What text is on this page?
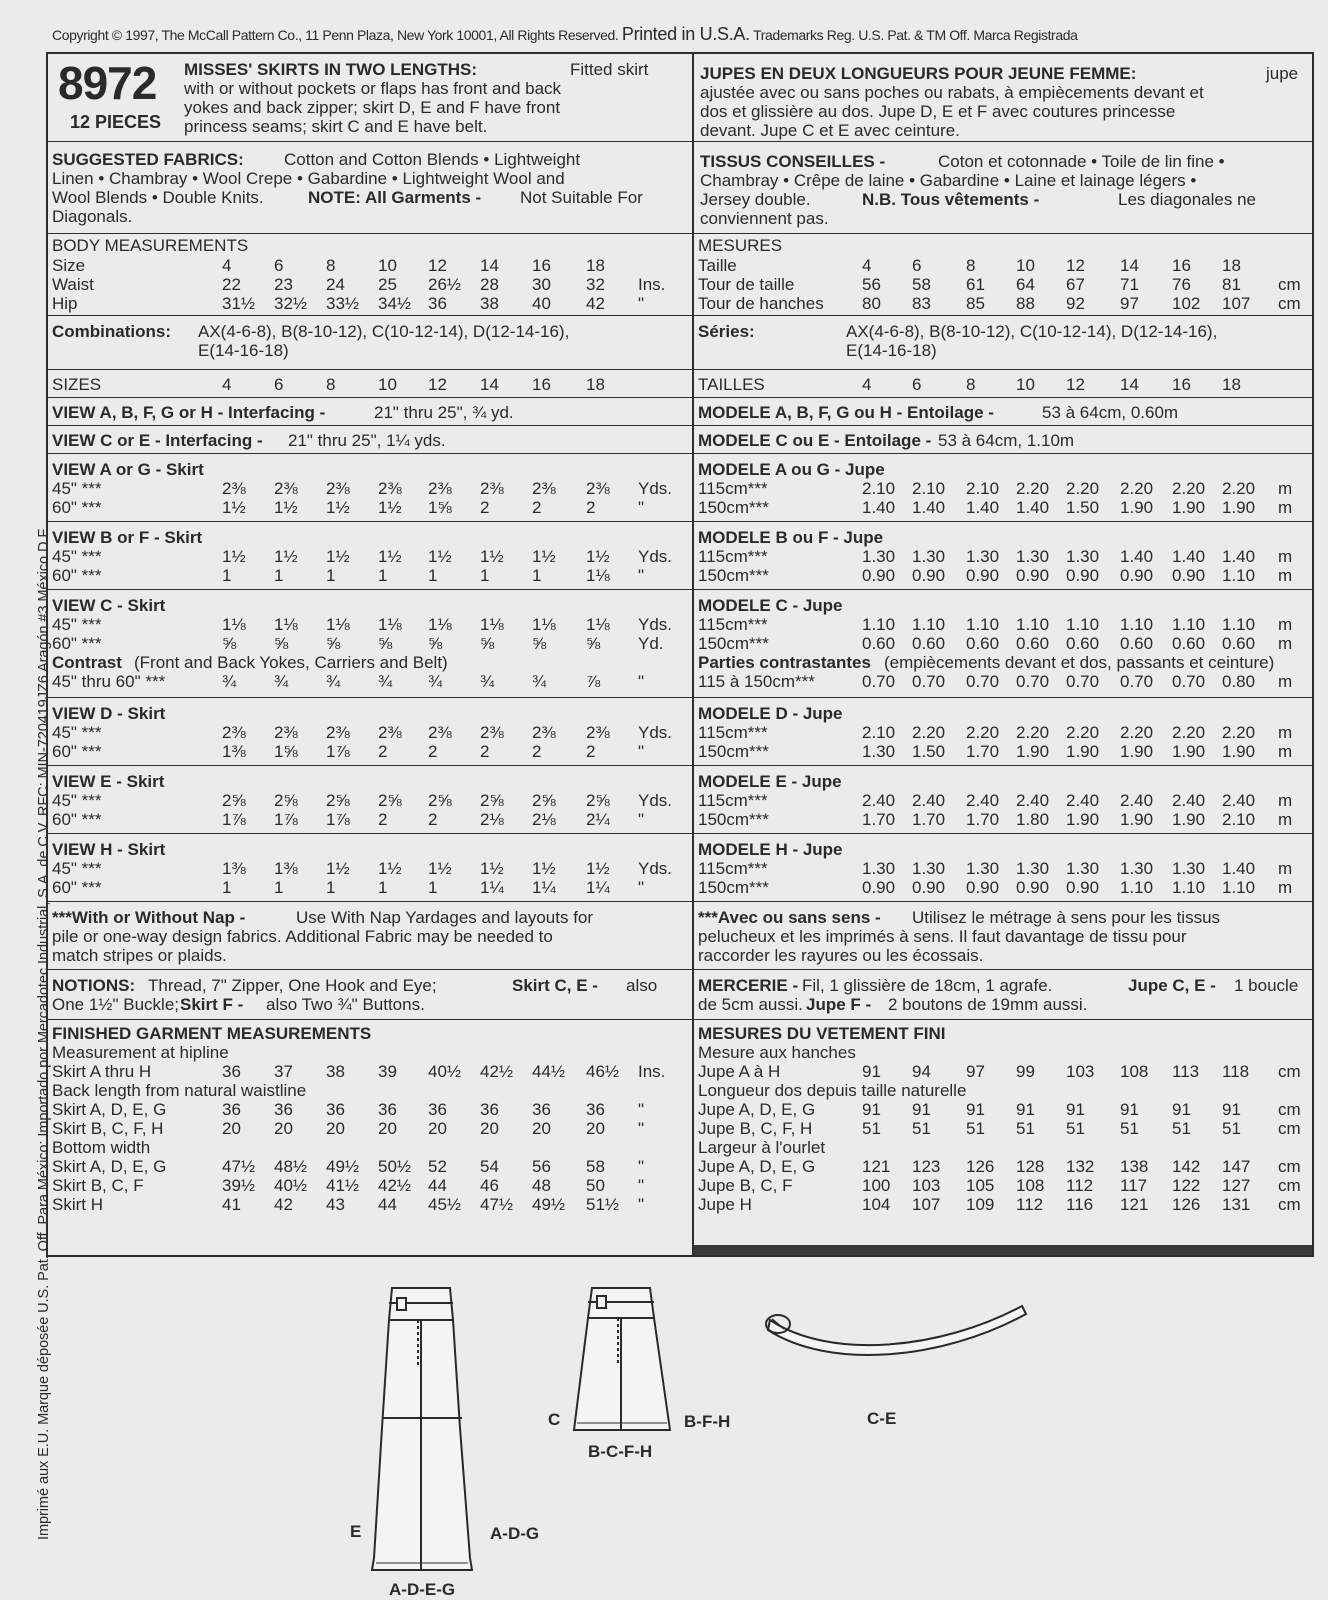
Copyright © 1997, The McCall Pattern Co., 11 Penn Plaza, New York 10001, All Rights Reserved. Printed in U.S.A. Trademarks Reg. U.S. Pat. & TM Off. Marca Registrada
Imprimé aux E.U. Marque déposée U.S. Pat. Off. Para México: Importado por Mercadotec Industrial, S.A. de C.V. RFC: MIN-720419JZ6 Aragón #3 México D.F.
8972
12 PIECES
MISSES' SKIRTS IN TWO LENGTHS:	Fitted skirt
with or without pockets or flaps has front and back
yokes and back zipper; skirt D, E and F have front
princess seams; skirt C and E have belt.
SUGGESTED FABRICS: Cotton and Cotton Blends • Lightweight
Linen • Chambray • Wool Crepe • Gabardine • Lightweight Wool and
Wool Blends • Double Knits.	NOTE: All Garments - Not Suitable For
Diagonals.
BODY MEASUREMENTS
Size	4	6	8	10 12 14 16 18
Waist	22 23 24 25 26½ 28 30 32 Ins.
Hip	31½ 32½ 33½ 34½ 36 38 40 42 "
Combinations: AX(4-6-8), B(8-10-12), C(10-12-14), D(12-14-16),
E(14-16-18)
SIZES	4	6	8	10 12 14 16 18
VIEW A, B, F, G or H - Interfacing -	21" thru 25", ¾ yd.
VIEW C or E - Interfacing - 21" thru 25", 1¼ yds.
VIEW A or G - Skirt
45" ***	2⅜ 2⅜ 2⅜ 2⅜ 2⅜ 2⅜ 2⅜ 2⅜ Yds.
60" ***	1½ 1½ 1½ 1½ 1⅝ 2	2	2	"
VIEW B or F - Skirt
45" ***	1½ 1½ 1½ 1½ 1½ 1½ 1½ 1½ Yds.
60" ***	1	1	1	1 1	1	1	1⅛ "
VIEW C - Skirt
45" ***	1⅛ 1⅛ 1⅛ 1⅛ 1⅛ 1⅛ 1⅛ 1⅛ Yds.
60" ***	⅝ ⅝ ⅝ ⅝ ⅝ ⅝ ⅝ ⅝ Yd.
Contrast (Front and Back Yokes, Carriers and Belt)
45" thru 60" ***	¾ ¾ ¾ ¾ ¾ ¾ ¾ ⅞ "
VIEW D - Skirt
45" ***	2⅜ 2⅜ 2⅜ 2⅜ 2⅜ 2⅜ 2⅜ 2⅜ Yds.
60" ***	1⅜ 1⅝ 1⅞ 2 2	2	2	2	"
VIEW E - Skirt
45" ***	2⅝ 2⅝ 2⅝ 2⅝ 2⅝ 2⅝ 2⅝ 2⅝ Yds.
60" ***	1⅞ 1⅞ 1⅞ 2 2	2⅛ 2⅛ 2¼ "
VIEW H - Skirt
45" ***	1⅜ 1⅜ 1½ 1½ 1½ 1½ 1½ 1½ Yds.
60" ***	1	1	1	1 1	1¼ 1¼ 1¼ "
***With or Without Nap -	Use With Nap Yardages and layouts for
pile or one-way design fabrics. Additional Fabric may be needed to
match stripes or plaids.
NOTIONS: Thread, 7" Zipper, One Hook and Eye;	Skirt C, E - also
One 1½" Buckle; Skirt F - also Two ¾" Buttons.
FINISHED GARMENT MEASUREMENTS
Measurement at hipline
Skirt A thru H	36 37 38 39 40½ 42½ 44½ 46½ Ins.
Back length from natural waistline
Skirt A, D, E, G	36 36 36 36 36 36 36 36 "
Skirt B, C, F, H	20 20 20 20 20 20 20 20 "
Bottom width
Skirt A, D, E, G	47½ 48½ 49½ 50½ 52 54 56 58 "
Skirt B, C, F	39½ 40½ 41½ 42½ 44 46 48 50 "
Skirt H	41 42 43 44 45½ 47½ 49½ 51½ "
JUPES EN DEUX LONGUEURS POUR JEUNE FEMME:	jupe
ajustée avec ou sans poches ou rabats, à empiècements devant et
dos et glissière au dos. Jupe D, E et F avec coutures princesse
devant. Jupe C et E avec ceinture.
TISSUS CONSEILLES -	Coton et cotonnade • Toile de lin fine •
Chambray • Crêpe de laine • Gabardine • Laine et lainage légers •
Jersey double.	N.B. Tous vêtements -	Les diagonales ne
conviennent pas.
MESURES
Taille	4 6	8 10 12 14 16 18
Tour de taille	56 58 61 64 67 71 76 81 cm
Tour de hanches 80 83 85 88 92 97 102 107 cm
Séries:	AX(4-6-8), B(8-10-12), C(10-12-14), D(12-14-16),
E(14-16-18)
TAILLES	4 6	8 10 12 14 16 18
MODELE A, B, F, G ou H - Entoilage -	53 à 64cm, 0.60m
MODELE C ou E - Entoilage - 53 à 64cm, 1.10m
MODELE A ou G - Jupe
115cm***	2.10 2.10 2.10 2.20 2.20 2.20 2.20 2.20 m
150cm***	1.40 1.40 1.40 1.40 1.50 1.90 1.90 1.90 m
MODELE B ou F - Jupe
115cm***	1.30 1.30 1.30 1.30 1.30 1.40 1.40 1.40 m
150cm***	0.90 0.90 0.90 0.90 0.90 0.90 0.90 1.10 m
MODELE C - Jupe
115cm***	1.10 1.10 1.10 1.10 1.10 1.10 1.10 1.10 m
150cm***	0.60 0.60 0.60 0.60 0.60 0.60 0.60 0.60 m
Parties contrastantes (empiècements devant et dos, passants et ceinture)
115 à 150cm***	0.70 0.70 0.70 0.70 0.70 0.70 0.70 0.80 m
MODELE D - Jupe
115cm***	2.10 2.20 2.20 2.20 2.20 2.20 2.20 2.20 m
150cm***	1.30 1.50 1.70 1.90 1.90 1.90 1.90 1.90 m
MODELE E - Jupe
115cm***	2.40 2.40 2.40 2.40 2.40 2.40 2.40 2.40 m
150cm***	1.70 1.70 1.70 1.80 1.90 1.90 1.90 2.10 m
MODELE H - Jupe
115cm***	1.30 1.30 1.30 1.30 1.30 1.30 1.30 1.40 m
150cm***	0.90 0.90 0.90 0.90 0.90 1.10 1.10 1.10 m
***Avec ou sans sens - Utilisez le métrage à sens pour les tissus
pelucheux et les imprimés à sens. Il faut davantage de tissu pour
raccorder les rayures ou les écossais.
MERCERIE - Fil, 1 glissière de 18cm, 1 agrafe.	Jupe C, E - 1 boucle
de 5cm aussi. Jupe F - 2 boutons de 19mm aussi.
MESURES DU VETEMENT FINI
Mesure aux hanches
Jupe A à H	91 94 97 99 103 108 113 118 cm
Longueur dos depuis taille naturelle
Jupe A, D, E, G	91 91 91 91 91 91 91 91 cm
Jupe B, C, F, H	51 51 51 51 51 51 51 51 cm
Largeur à l'ourlet
Jupe A, D, E, G	121 123 126 128 132 138 142 147 cm
Jupe B, C, F	100 103 105 108 112 117 122 127 cm
Jupe H	104 107 109 112 116 121 126 131 cm
E	A-D-G
A-D-E-G
C	B-F-H
B-C-F-H
C-E
